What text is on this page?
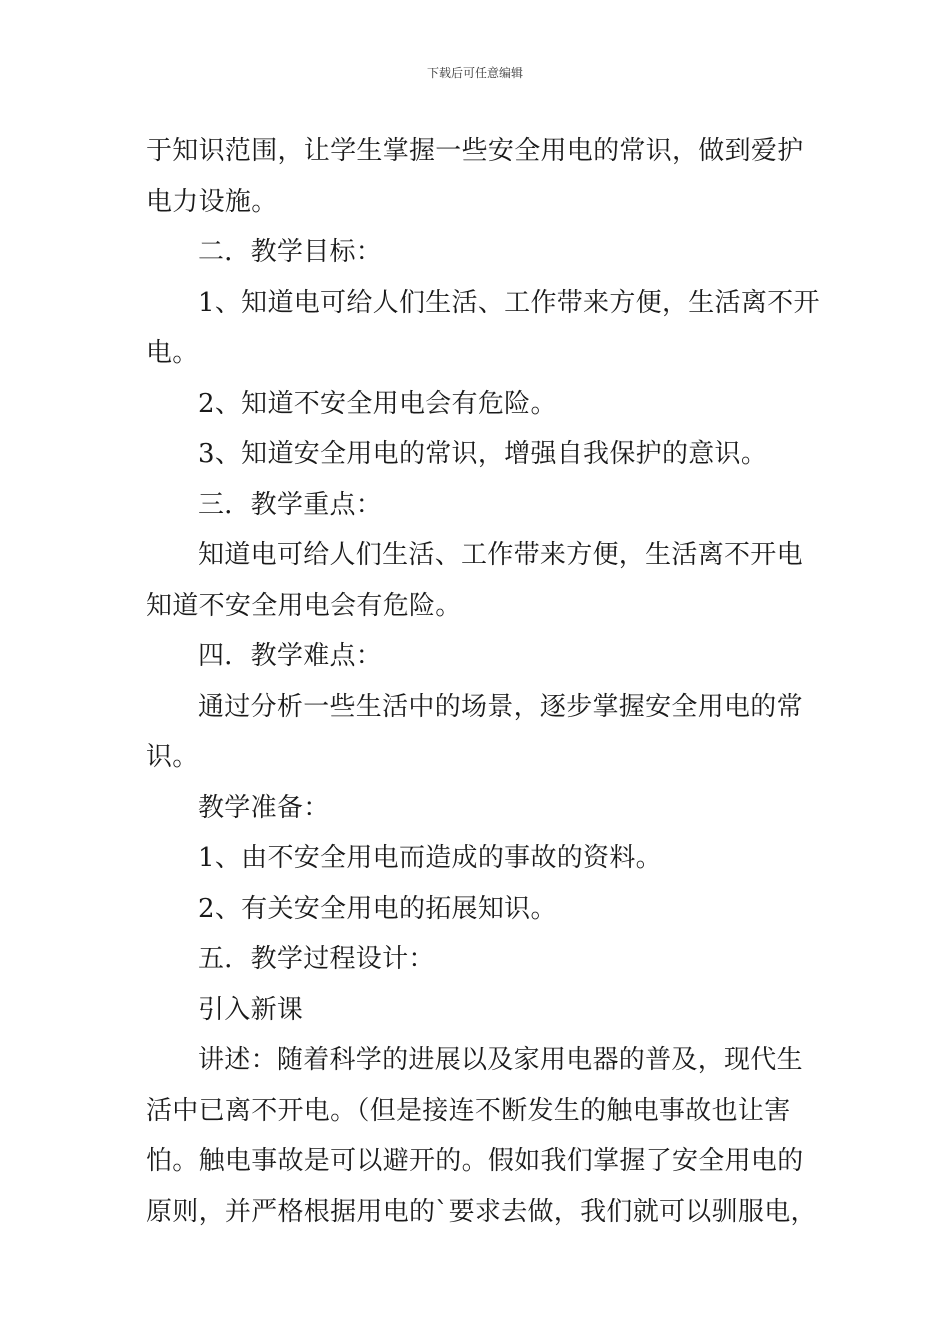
下载后可任意编辑
于知识范围，让学生掌握一些安全用电的常识，做到爱护
电力设施。
二．教学目标：
1、知道电可给人们生活、工作带来方便，生活离不开
电。
2、知道不安全用电会有危险。
3、知道安全用电的常识，增强自我保护的意识。
三．教学重点：
知道电可给人们生活、工作带来方便，生活离不开电
知道不安全用电会有危险。
四．教学难点：
通过分析一些生活中的场景，逐步掌握安全用电的常
识。
教学准备：
1、由不安全用电而造成的事故的资料。
2、有关安全用电的拓展知识。
五．教学过程设计：
引入新课
讲述：随着科学的进展以及家用电器的普及，现代生
活中已离不开电。（但是接连不断发生的触电事故也让害
怕。触电事故是可以避开的。假如我们掌握了安全用电的
原则，并严格根据用电的`要求去做，我们就可以驯服电，
